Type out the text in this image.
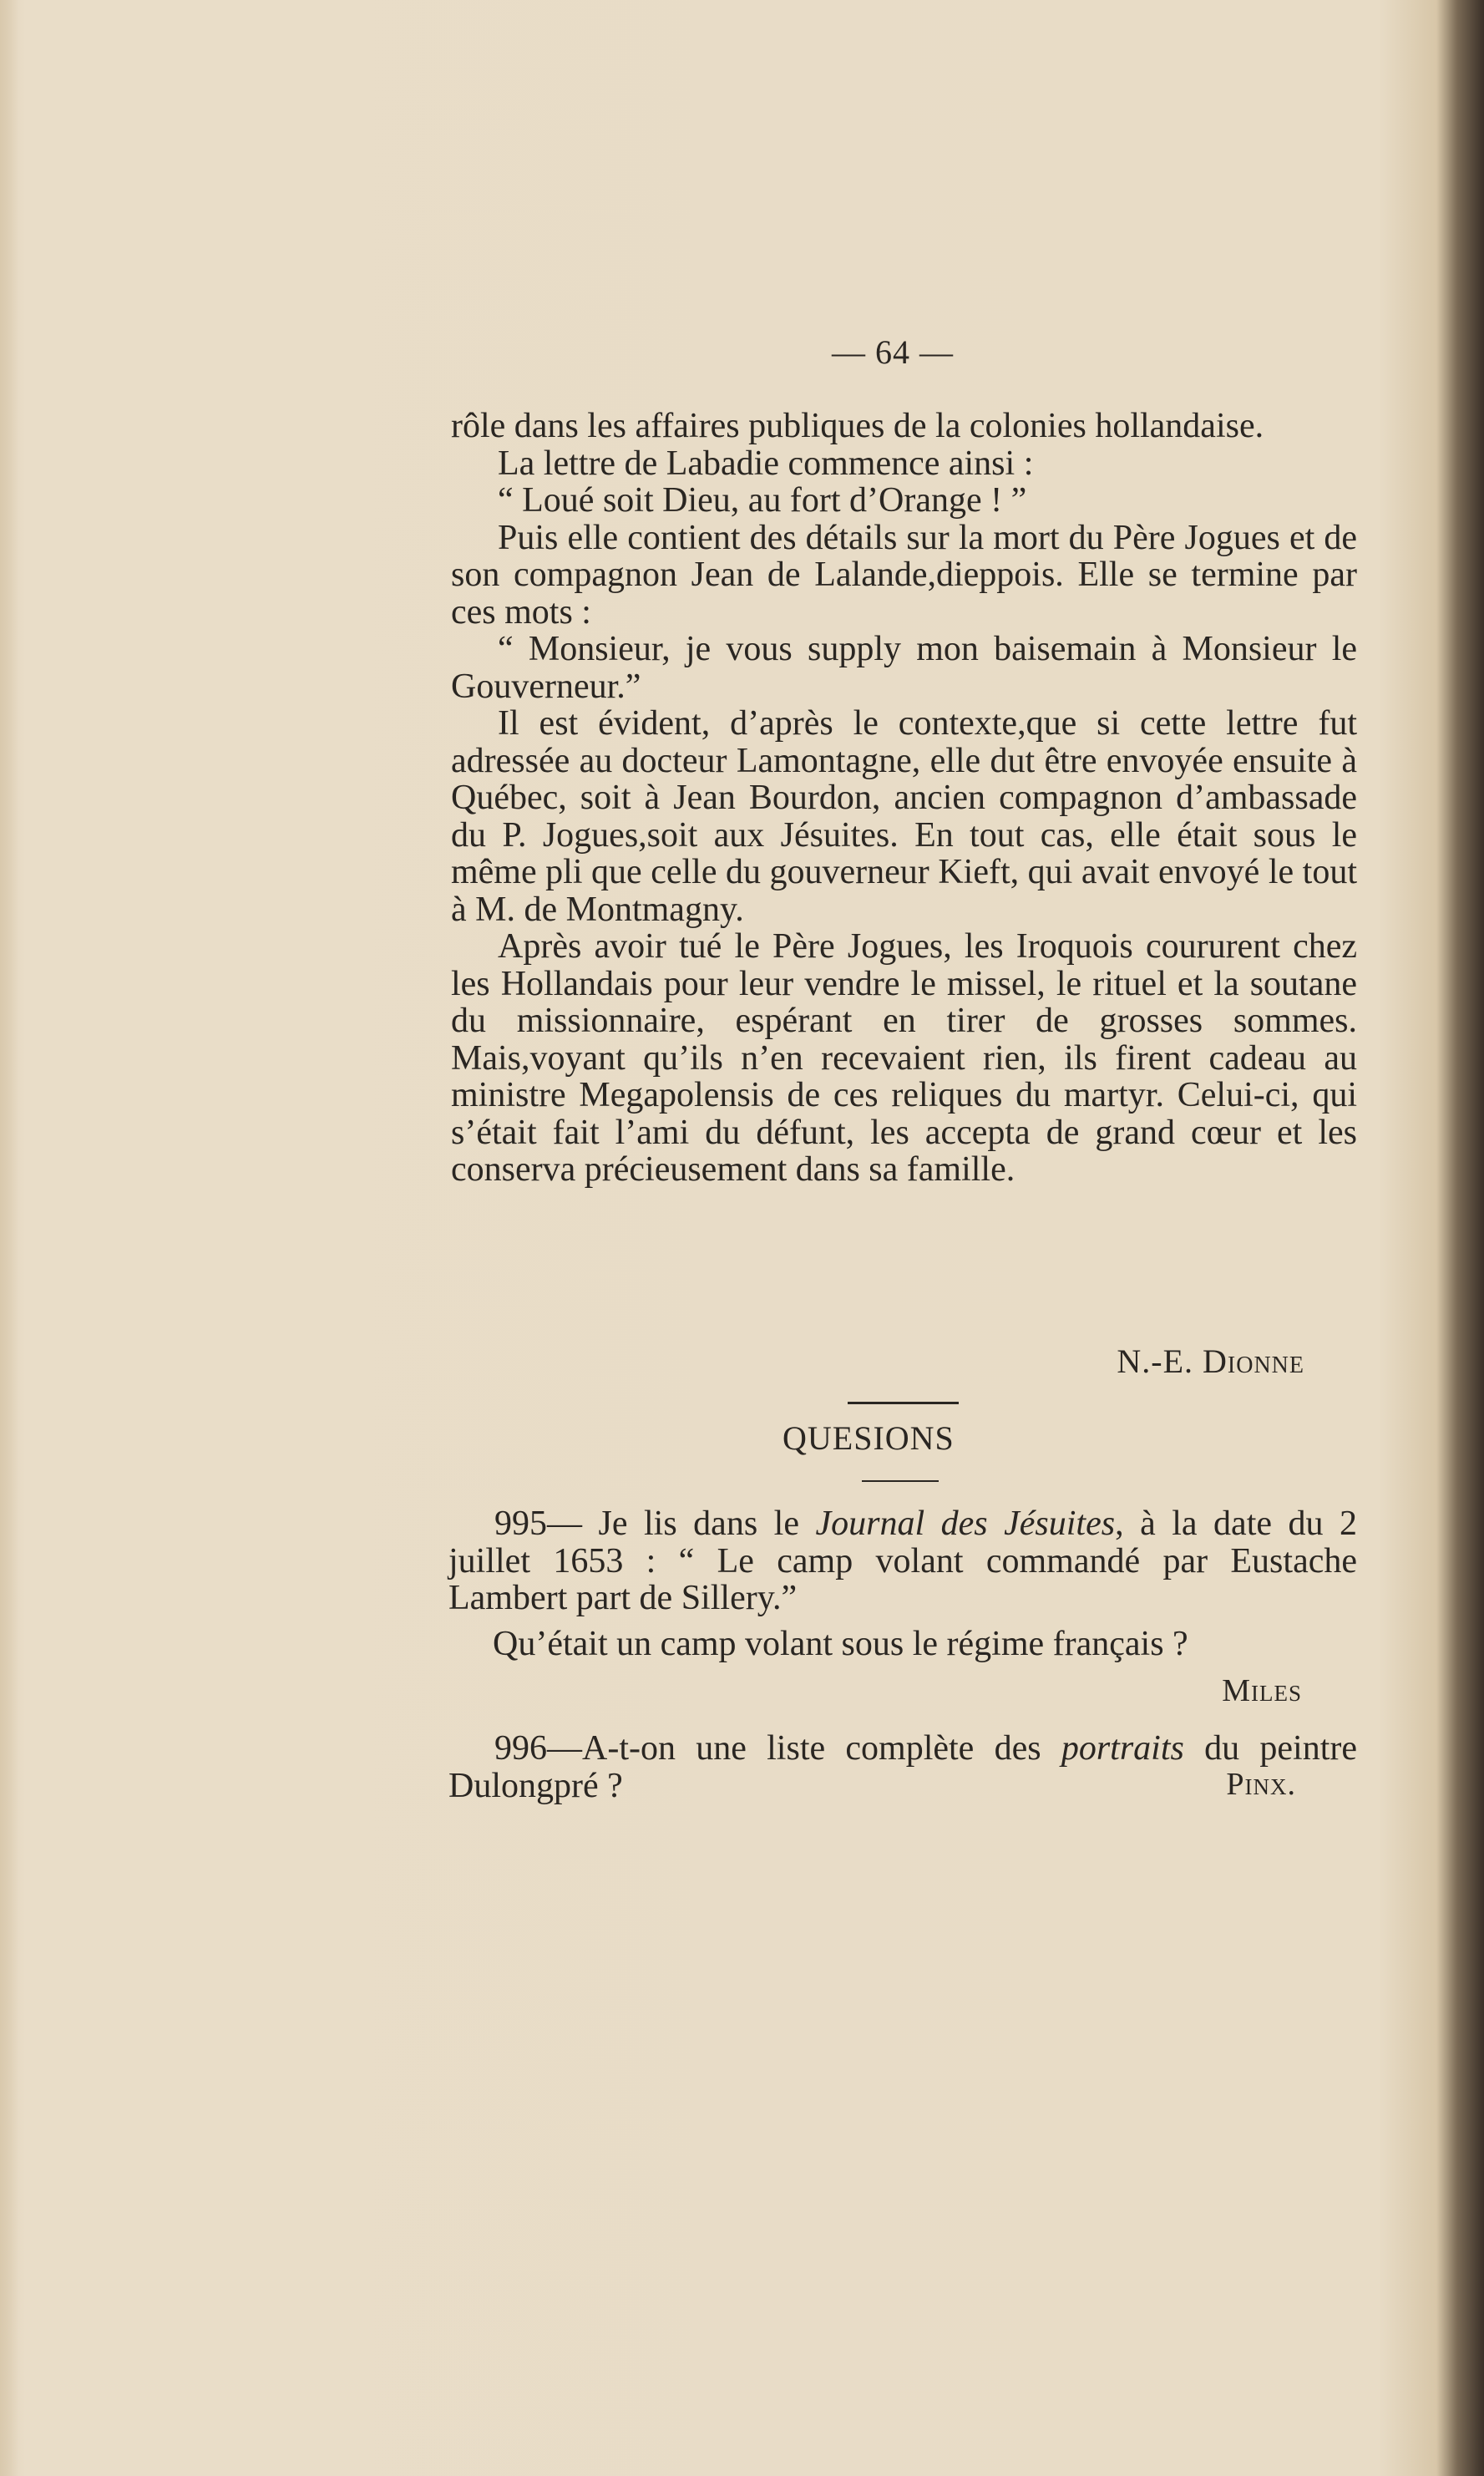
— 64 —

rôle dans les affaires publiques de la colonies hollandaise.

La lettre de Labadie commence ainsi :

“ Loué soit Dieu, au fort d’Orange ! ”

Puis elle contient des détails sur la mort du Père Jogues et de son compagnon Jean de Lalande,dieppois. Elle se termine par ces mots :

“ Monsieur, je vous supply mon baisemain à Monsieur le Gouverneur.”

Il est évident, d’après le contexte,que si cette lettre fut adressée au docteur Lamontagne, elle dut être envoyée ensuite à Québec, soit à Jean Bourdon, ancien compagnon d’ambassade du P. Jogues,soit aux Jésuites. En tout cas, elle était sous le même pli que celle du gouverneur Kieft, qui avait envoyé le tout à M. de Montmagny.

Après avoir tué le Père Jogues, les Iroquois coururent chez les Hollandais pour leur vendre le missel, le rituel et la soutane du missionnaire, espérant en tirer de grosses sommes. Mais,voyant qu’ils n’en recevaient rien, ils firent cadeau au ministre Megapolensis de ces reliques du martyr. Celui-ci, qui s’était fait l’ami du défunt, les accepta de grand cœur et les conserva précieusement dans sa famille.

N.-E. Dionne
QUESIONS

995— Je lis dans le Journal des Jésuites, à la date du 2 juillet 1653 : “ Le camp volant commandé par Eustache Lambert part de Sillery.”

Qu’était un camp volant sous le régime français ?
Miles

996—A-t-on une liste complète des portraits du peintre Dulongpré ?	Pinx.
